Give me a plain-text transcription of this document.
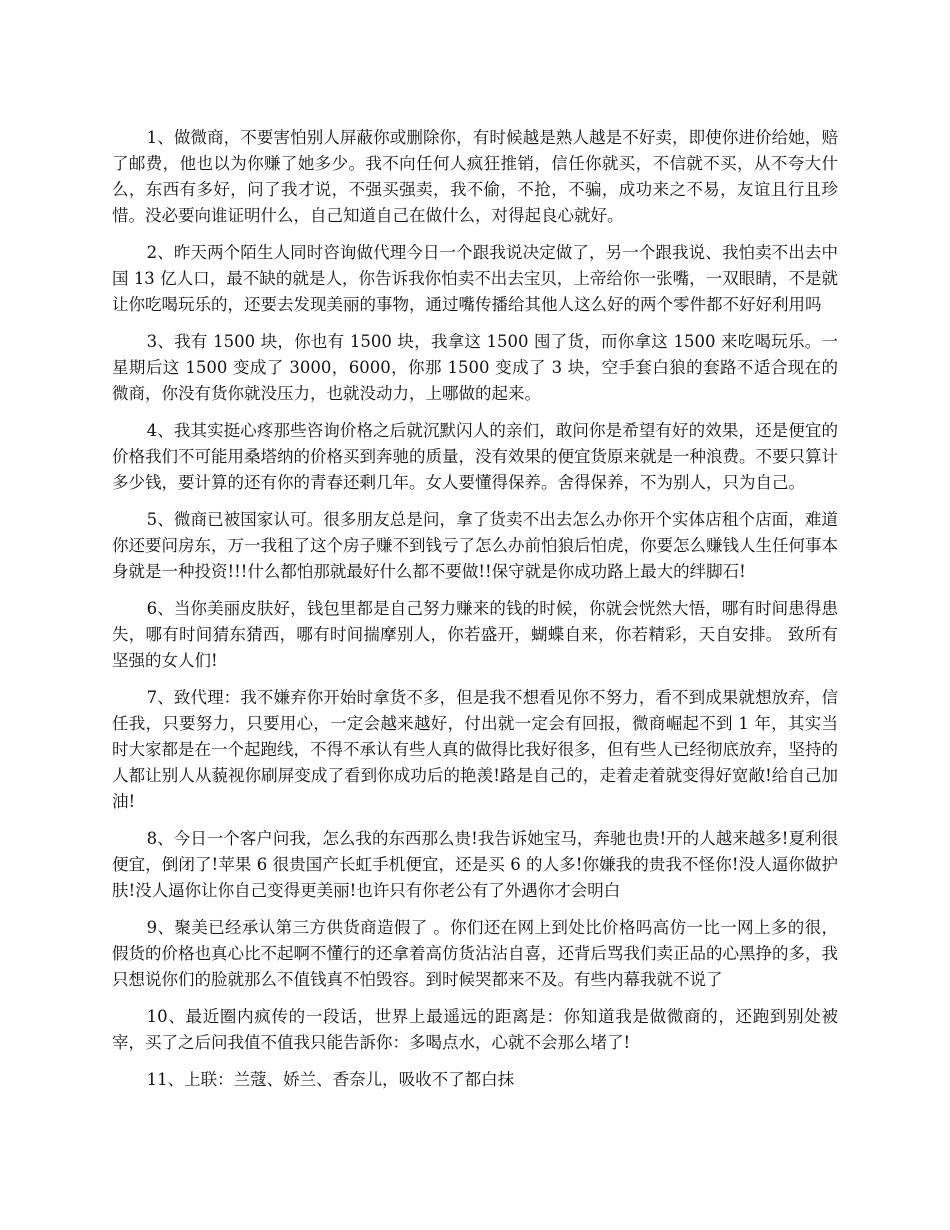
1、做微商，不要害怕别人屏蔽你或删除你，有时候越是熟人越是不好卖，即使你进价给她，赔了邮费，他也以为你赚了她多少。我不向任何人疯狂推销，信任你就买，不信就不买，从不夸大什么，东西有多好，问了我才说，不强买强卖，我不偷，不抢，不骗，成功来之不易，友谊且行且珍惜。没必要向谁证明什么，自己知道自己在做什么，对得起良心就好。

2、昨天两个陌生人同时咨询做代理今日一个跟我说决定做了，另一个跟我说、我怕卖不出去中国 13 亿人口，最不缺的就是人，你告诉我你怕卖不出去宝贝，上帝给你一张嘴，一双眼睛，不是就让你吃喝玩乐的，还要去发现美丽的事物，通过嘴传播给其他人这么好的两个零件都不好好利用吗

3、我有 1500 块，你也有 1500 块，我拿这 1500 囤了货，而你拿这 1500 来吃喝玩乐。一星期后这 1500 变成了 3000，6000，你那 1500 变成了 3 块，空手套白狼的套路不适合现在的微商，你没有货你就没压力，也就没动力，上哪做的起来。

4、我其实挺心疼那些咨询价格之后就沉默闪人的亲们，敢问你是希望有好的效果，还是便宜的价格我们不可能用桑塔纳的价格买到奔驰的质量，没有效果的便宜货原来就是一种浪费。不要只算计多少钱，要计算的还有你的青春还剩几年。女人要懂得保养。舍得保养，不为别人，只为自己。

5、微商已被国家认可。很多朋友总是问，拿了货卖不出去怎么办你开个实体店租个店面，难道你还要问房东，万一我租了这个房子赚不到钱亏了怎么办前怕狼后怕虎，你要怎么赚钱人生任何事本身就是一种投资!!!什么都怕那就最好什么都不要做!!保守就是你成功路上最大的绊脚石!

6、当你美丽皮肤好，钱包里都是自己努力赚来的钱的时候，你就会恍然大悟，哪有时间患得患失，哪有时间猜东猜西，哪有时间揣摩别人，你若盛开，蝴蝶自来，你若精彩，天自安排。 致所有坚强的女人们!

7、致代理：我不嫌弃你开始时拿货不多，但是我不想看见你不努力，看不到成果就想放弃，信任我，只要努力，只要用心，一定会越来越好，付出就一定会有回报，微商崛起不到 1 年，其实当时大家都是在一个起跑线，不得不承认有些人真的做得比我好很多，但有些人已经彻底放弃，坚持的人都让别人从藐视你刷屏变成了看到你成功后的艳羡!路是自己的，走着走着就变得好宽敞!给自己加油!

8、今日一个客户问我，怎么我的东西那么贵!我告诉她宝马，奔驰也贵!开的人越来越多!夏利很便宜，倒闭了!苹果 6 很贵国产长虹手机便宜，还是买 6 的人多!你嫌我的贵我不怪你!没人逼你做护肤!没人逼你让你自己变得更美丽!也许只有你老公有了外遇你才会明白

9、聚美已经承认第三方供货商造假了 。你们还在网上到处比价格吗高仿一比一网上多的很，假货的价格也真心比不起啊不懂行的还拿着高仿货沾沾自喜，还背后骂我们卖正品的心黑挣的多，我只想说你们的脸就那么不值钱真不怕毁容。到时候哭都来不及。有些内幕我就不说了

10、最近圈内疯传的一段话，世界上最遥远的距离是：你知道我是做微商的，还跑到别处被宰，买了之后问我值不值我只能告訴你：多喝点水，心就不会那么堵了!

11、上联：兰蔻、娇兰、香奈儿，吸收不了都白抹
